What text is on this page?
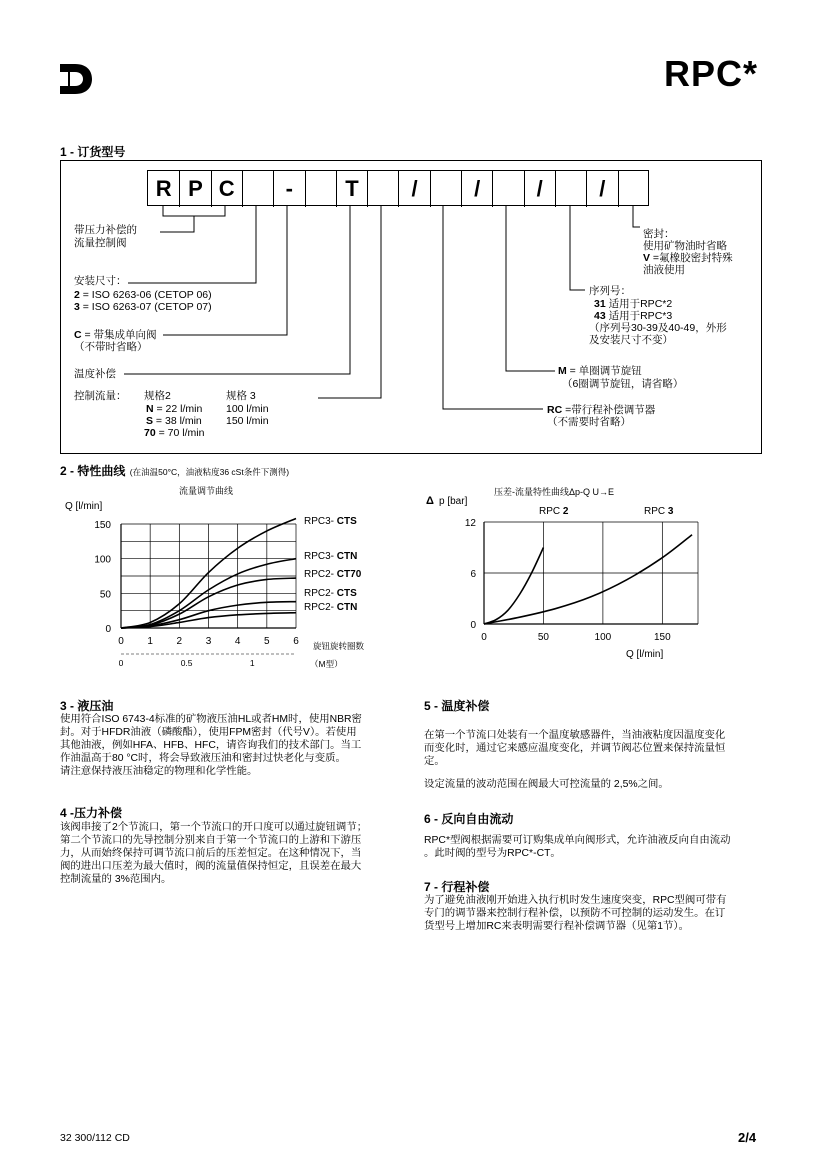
RPC*
1 - 订货型号
R P C	-	T	/	/	/	/
带压力补偿的
流量控制阀
安装尺寸：
2 = ISO 6263-06 (CETOP 06)
3 = ISO 6263-07 (CETOP 07)
C = 带集成单向阀
（不带时省略）
温度补偿
控制流量： 规格2	规格 3
N = 22 l/min 100 l/min
S = 38 l/min 150 l/min
70 = 70 l/min
密封：
使用矿物油时省略
V =氟橡胶密封特殊
油液使用
序列号：
31 适用于RPC*2
43 适用于RPC*3
（序列号30-39及40-49，外形
及安装尺寸不变）
M = 单圈调节旋钮
（6圈调节旋钮，请省略）
RC =带行程补偿调节器
（不需要时省略）
2 - 特性曲线 (在油温50°C，油液粘度36 cSt条件下测得)
流量调节曲线
Q [l/min]
0
50
100
150
0 1 2 3 4 5 6
0	0.5	1	（M型）
旋钮旋转圈数
RPC3- CTS
RPC3- CTN
RPC2- CT70
RPC2- CTS
RPC2- CTN
压差-流量特性曲线Δp-Q U→E
Δ p [bar]
0
6
12
0	50	100	150
Q [l/min]
RPC 2	RPC 3
3 - 液压油
使用符合ISO 6743-4标准的矿物液压油HL或者HM时，使用NBR密
封。对于HFDR油液（磷酸酯），使用FPM密封（代号V）。若使用
其他油液，例如HFA、HFB、HFC，请咨询我们的技术部门。当工
作油温高于80 °C时，将会导致液压油和密封过快老化与变质。
请注意保持液压油稳定的物理和化学性能。
4 -压力补偿
该阀串接了2个节流口，第一个节流口的开口度可以通过旋钮调节；
第二个节流口的先导控制分别来自于第一个节流口的上游和下游压
力，从而始终保持可调节流口前后的压差恒定。在这种情况下，当
阀的进出口压差为最大值时，阀的流量值保持恒定，且误差在最大
控制流量的 3%范围内。
5 - 温度补偿
在第一个节流口处装有一个温度敏感器件，当油液粘度因温度变化
而变化时，通过它来感应温度变化，并调节阀芯位置来保持流量恒
定。
设定流量的波动范围在阀最大可控流量的 2,5%之间。
6 - 反向自由流动
RPC*型阀根据需要可订购集成单向阀形式，允许油液反向自由流动
。此时阀的型号为RPC*-CT。
7 - 行程补偿
为了避免油液刚开始进入执行机时发生速度突变，RPC型阀可带有
专门的调节器来控制行程补偿，以预防不可控制的运动发生。在订
货型号上增加RC来表明需要行程补偿调节器（见第1节）。
32 300/112 CD	2/4
